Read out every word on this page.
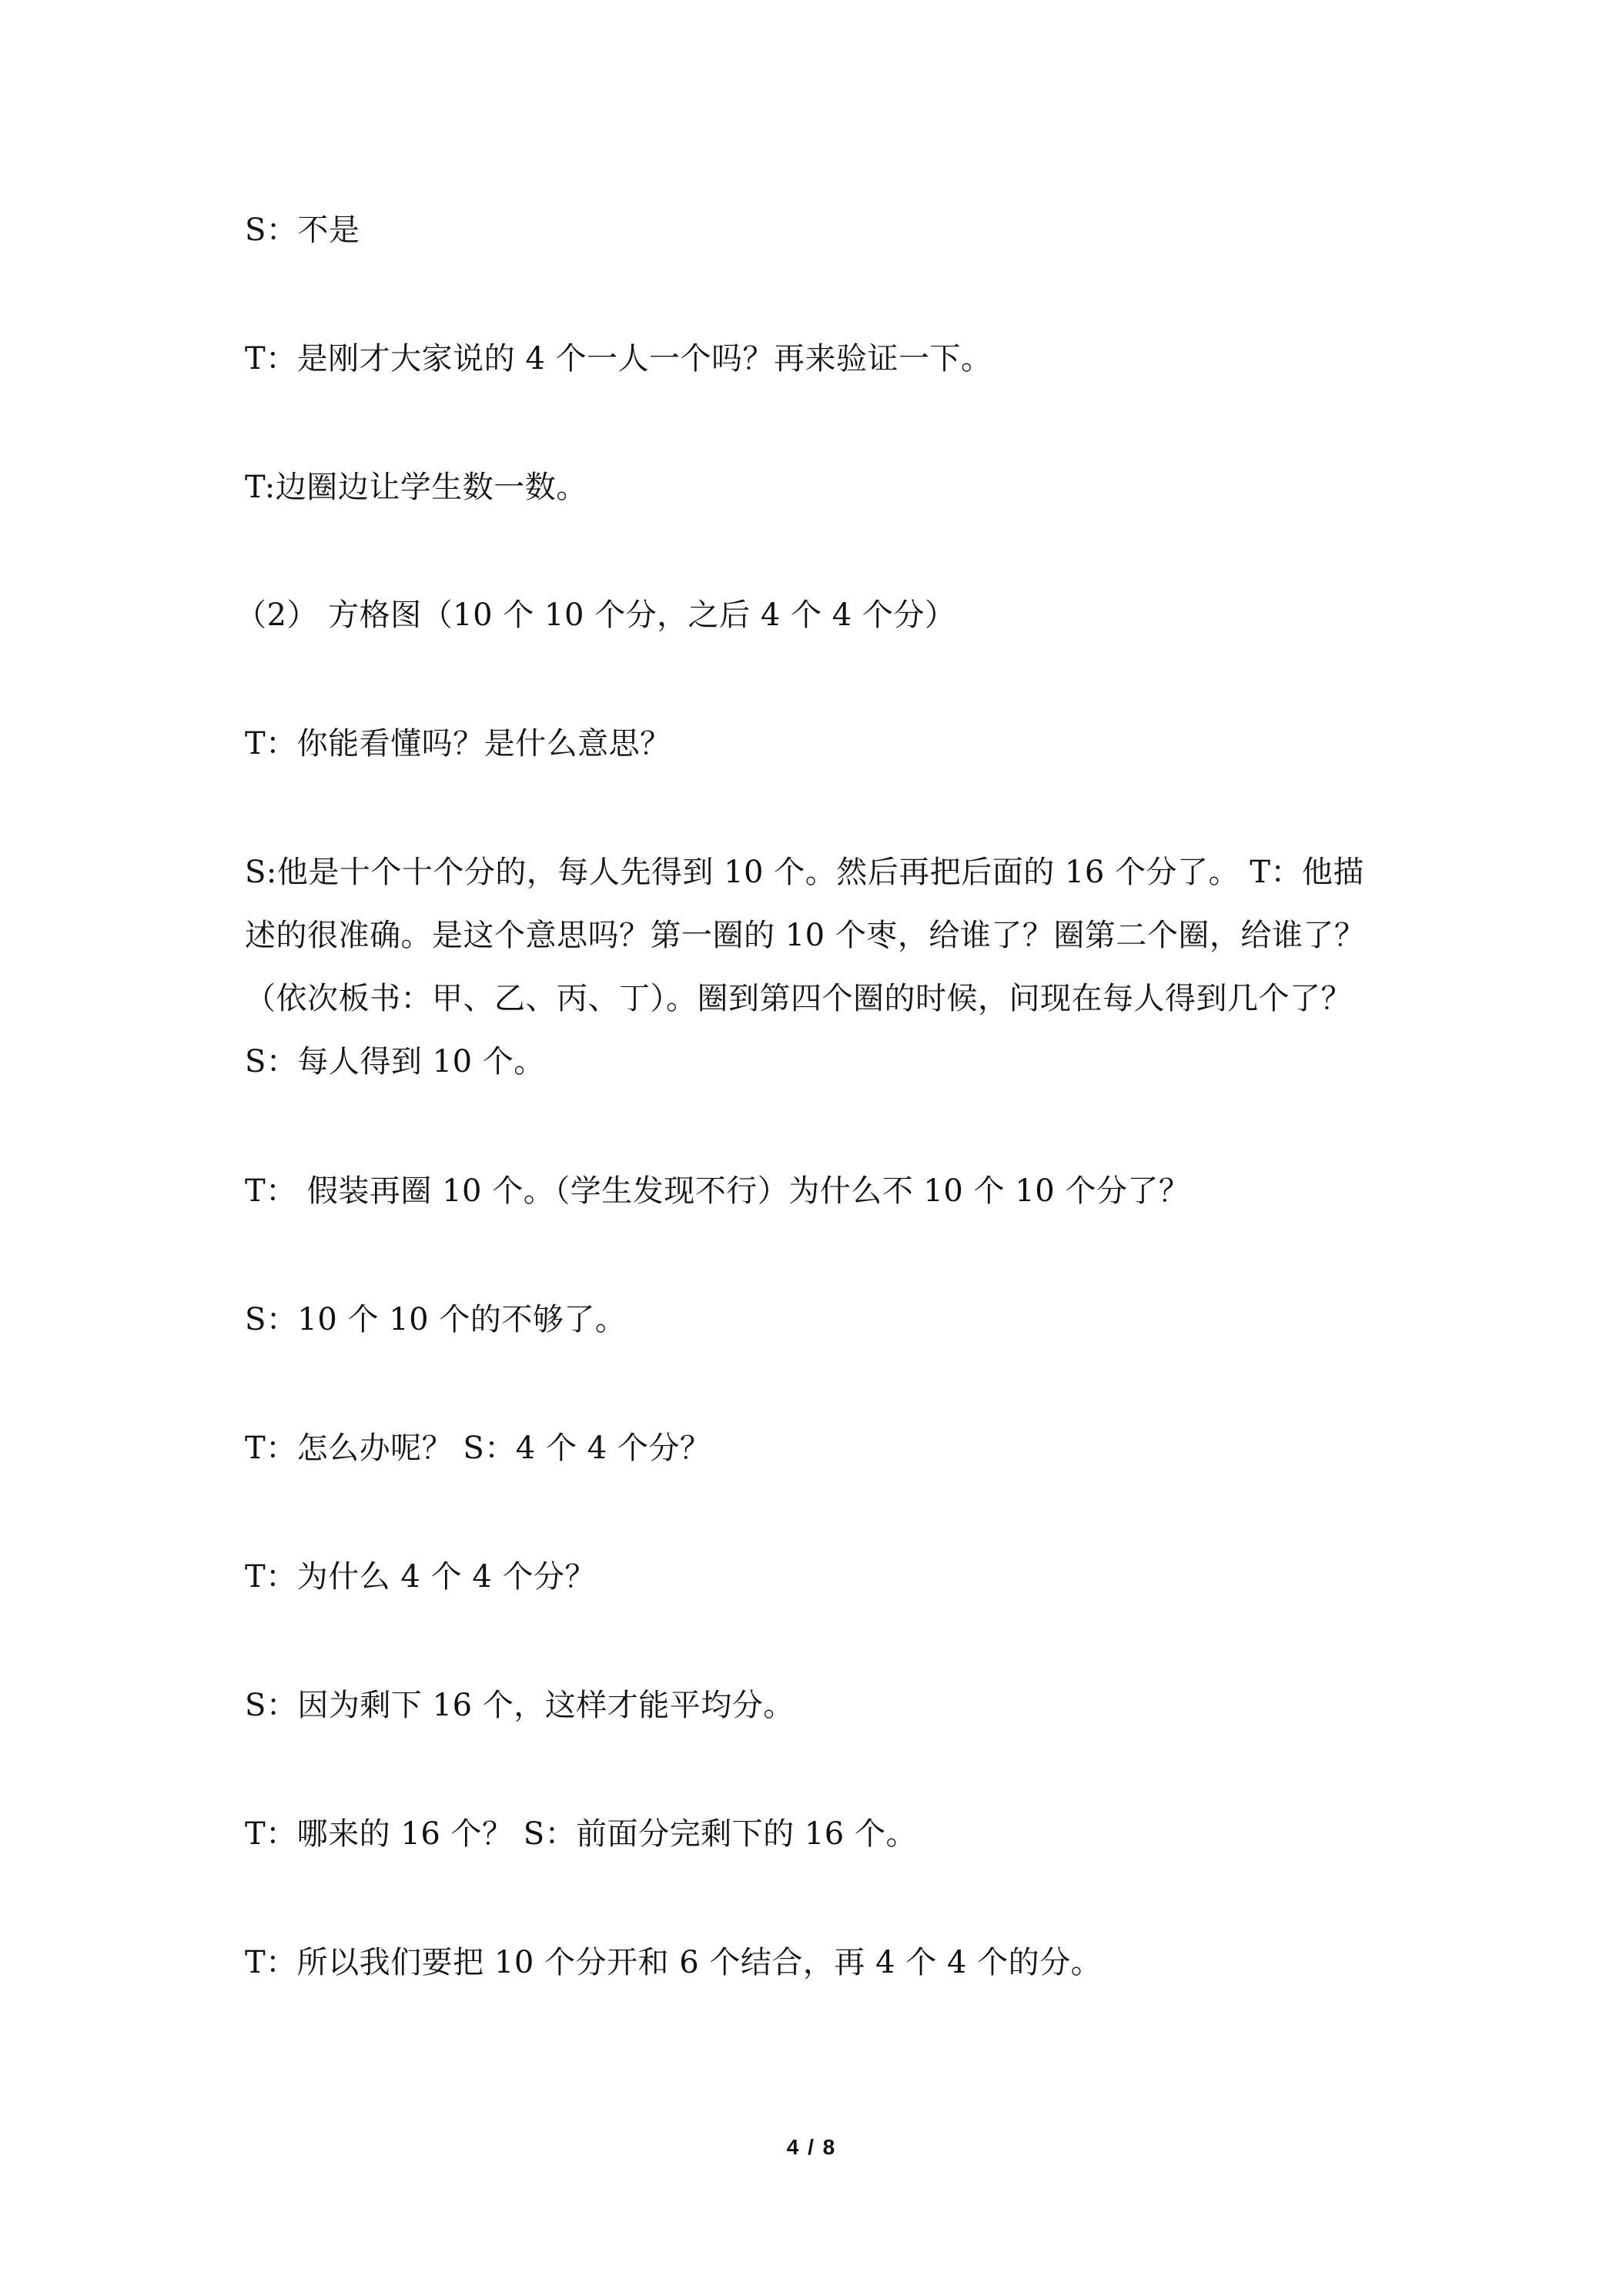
S：不是
T：是刚才大家说的 4 个一人一个吗？再来验证一下。
T:边圈边让学生数一数。
（2） 方格图（10 个 10 个分，之后 4 个 4 个分）
T：你能看懂吗？是什么意思？
S:他是十个十个分的，每人先得到 10 个。然后再把后面的 16 个分了。 T：他描
述的很准确。是这个意思吗？第一圈的 10 个枣，给谁了？圈第二个圈，给谁了？
（依次板书：甲、乙、丙、丁）。圈到第四个圈的时候，问现在每人得到几个了？
S：每人得到 10 个。
T： 假装再圈 10 个。（学生发现不行）为什么不 10 个 10 个分了？
S：10 个 10 个的不够了。
T：怎么办呢？ S：4 个 4 个分？
T：为什么 4 个 4 个分？
S：因为剩下 16 个，这样才能平均分。
T：哪来的 16 个？ S：前面分完剩下的 16 个。
T：所以我们要把 10 个分开和 6 个结合，再 4 个 4 个的分。
4 / 8
